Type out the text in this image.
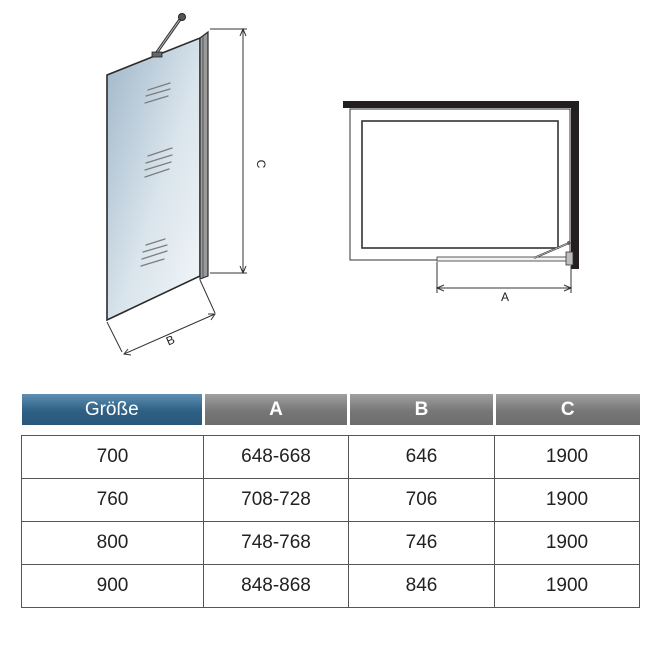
C
B
A
Größe	A	B	C

700	648-668	646	1900
760	708-728	706	1900
800	748-768	746	1900
900	848-868	846	1900
